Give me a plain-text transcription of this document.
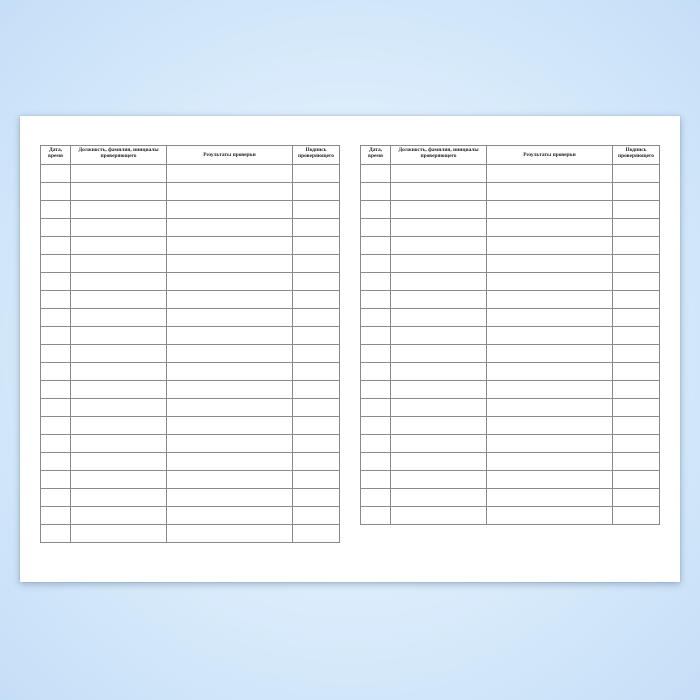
Дата, время	Должность, фамилия, инициалы проверяющего	Результаты проверки	Подпись проверяющего

Дата, время	Должность, фамилия, инициалы проверяющего	Результаты проверки	Подпись проверяющего
